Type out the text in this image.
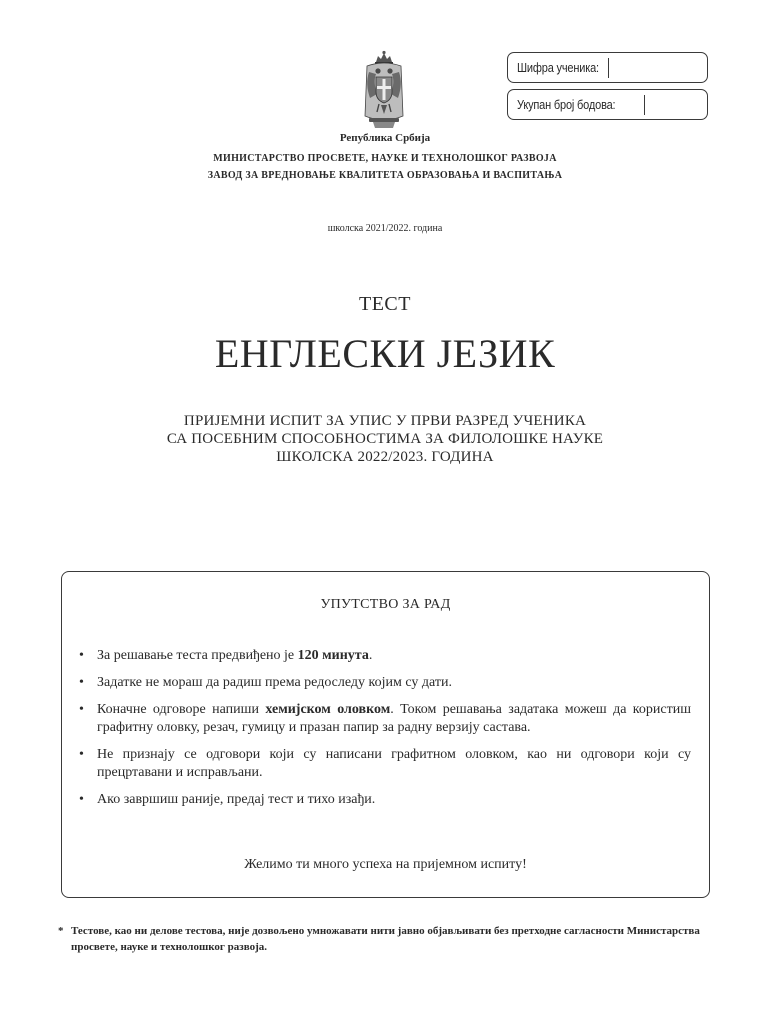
Шифра ученика:
Укупан број бодова:
Република Србија
МИНИСТАРСТВО ПРОСВЕТЕ, НАУКЕ И ТЕХНОЛОШКОГ РАЗВОЈА
ЗАВОД ЗА ВРЕДНОВАЊЕ КВАЛИТЕТА ОБРАЗОВАЊА И ВАСПИТАЊА
школска 2021/2022. година
ТЕСТ
ЕНГЛЕСКИ ЈЕЗИК
ПРИЈЕМНИ ИСПИТ ЗА УПИС У ПРВИ РАЗРЕД УЧЕНИКА
СА ПОСЕБНИМ СПОСОБНОСТИМА ЗА ФИЛОЛОШКЕ НАУКЕ
ШКОЛСКА 2022/2023. ГОДИНА
УПУТСТВО ЗА РАД
• За решавање теста предвиђено је 120 минута.
• Задатке не мораш да радиш према редоследу којим су дати.
• Коначне одговоре напиши хемијском оловком. Током решавања задатака можеш да користиш графитну оловку, резач, гумицу и празан папир за радну верзију састава.
• Не признају се одговори који су написани графитном оловком, као ни одговори који су прецртавани и исправљани.
• Ако завршиш раније, предај тест и тихо изађи.
Желимо ти много успеха на пријемном испиту!
* Тестове, као ни делове тестова, није дозвољено умножавати нити јавно објављивати без претходне сагласности Министарства просвете, науке и технолошког развоја.
